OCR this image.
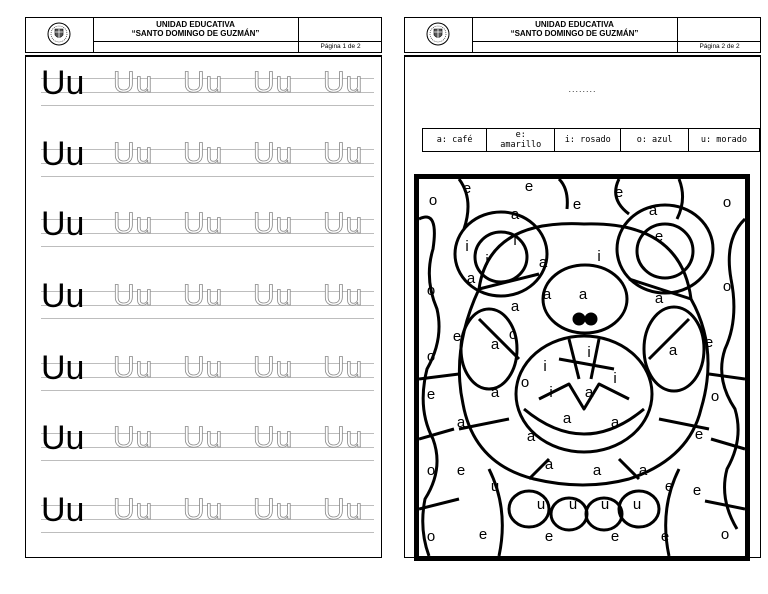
UNIDAD EDUCATIVA
“SANTO DOMINGO DE GUZMÁN”
Página 1 de 2
Uu Uu Uu Uu Uu
Uu Uu Uu Uu Uu
Uu Uu Uu Uu Uu
Uu Uu Uu Uu Uu
Uu Uu Uu Uu Uu
Uu Uu Uu Uu Uu
Uu Uu Uu Uu Uu
UNIDAD EDUCATIVA
“SANTO DOMINGO DE GUZMÁN”
Página 2 de 2
........
a: café	e: amarillo	i: rosado	o: azul	u: morado
o
e	e
e	a
e
o
a
i
i
a
i	a	i
e
o	a	a
a
o
a
o
a	e
a
e
o
i
i
i
i
a
a
o
e
a	a	a
a
o
e
a	a	a
e
o
e
u
u u u u
e
o	e	e	e	e	o
